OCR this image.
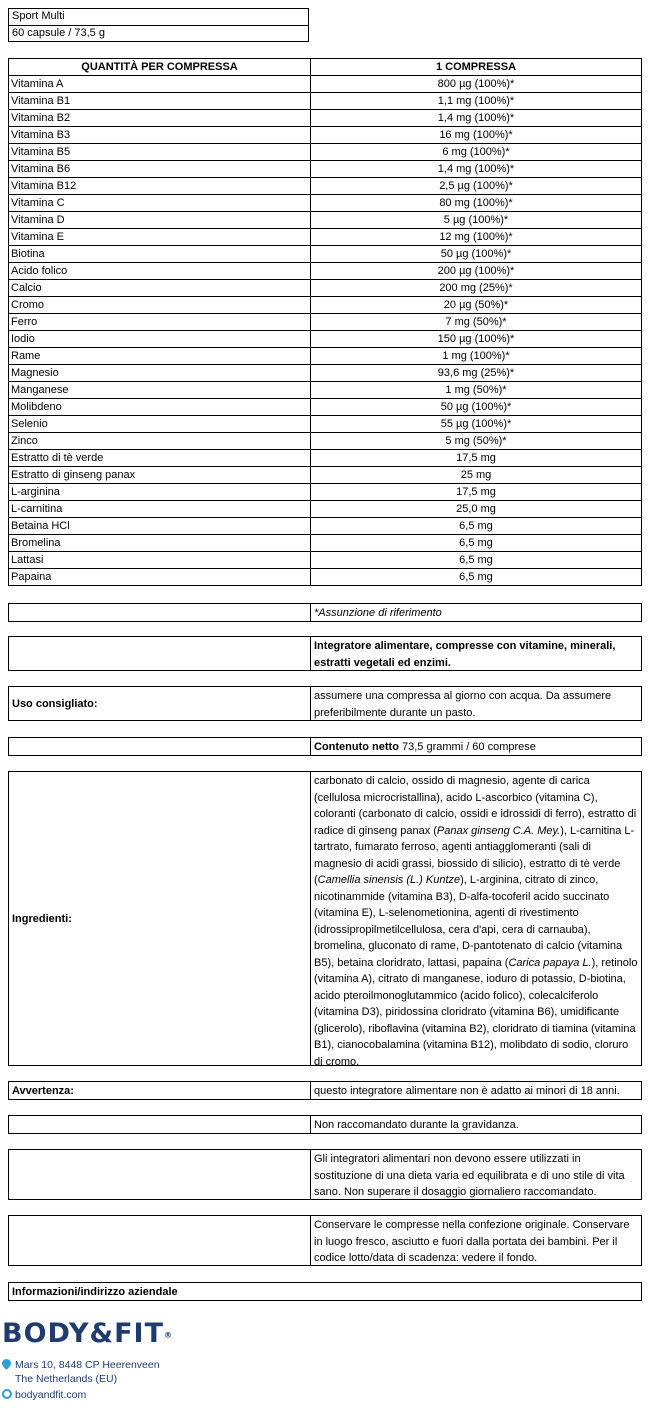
Sport Multi
60 capsule / 73,5 g
QUANTITÀ PER COMPRESSA	1 COMPRESSA
Vitamina A	800 µg (100%)*
Vitamina B1	1,1 mg (100%)*
Vitamina B2	1,4 mg (100%)*
Vitamina B3	16 mg (100%)*
Vitamina B5	6 mg (100%)*
Vitamina B6	1,4 mg (100%)*
Vitamina B12	2,5 µg (100%)*
Vitamina C	80 mg (100%)*
Vitamina D	5 µg (100%)*
Vitamina E	12 mg (100%)*
Biotina	50 µg (100%)*
Acido folico	200 µg (100%)*
Calcio	200 mg (25%)*
Cromo	20 µg (50%)*
Ferro	7 mg (50%)*
Iodio	150 µg (100%)*
Rame	1 mg (100%)*
Magnesio	93,6 mg (25%)*
Manganese	1 mg (50%)*
Molibdeno	50 µg (100%)*
Selenio	55 µg (100%)*
Zinco	5 mg (50%)*
Estratto di tè verde	17,5 mg
Estratto di ginseng panax	25 mg
L-arginina	17,5 mg
L-carnitina	25,0 mg
Betaina HCl	6,5 mg
Bromelina	6,5 mg
Lattasi	6,5 mg
Papaina	6,5 mg
*Assunzione di riferimento
Integratore alimentare, compresse con vitamine, minerali, estratti vegetali ed enzimi.
Uso consigliato:
assumere una compressa al giorno con acqua. Da assumere preferibilmente durante un pasto.
Contenuto netto 73,5 grammi / 60 comprese
Ingredienti:
carbonato di calcio, ossido di magnesio, agente di carica (cellulosa microcristallina), acido L-ascorbico (vitamina C), coloranti (carbonato di calcio, ossidi e idrossidi di ferro), estratto di radice di ginseng panax (Panax ginseng C.A. Mey.), L-carnitina L-tartrato, fumarato ferroso, agenti antiagglomeranti (sali di magnesio di acidi grassi, biossido di silicio), estratto di tè verde (Camellia sinensis (L.) Kuntze), L-arginina, citrato di zinco, nicotinammide (vitamina B3), D-alfa-tocoferil acido succinato (vitamina E), L-selenometionina, agenti di rivestimento (idrossipropilmetilcellulosa, cera d'api, cera di carnauba), bromelina, gluconato di rame, D-pantotenato di calcio (vitamina B5), betaina cloridrato, lattasi, papaina (Carica papaya L.), retinolo (vitamina A), citrato di manganese, ioduro di potassio, D-biotina, acido pteroilmonoglutammico (acido folico), colecalciferolo (vitamina D3), piridossina cloridrato (vitamina B6), umidificante (glicerolo), riboflavina (vitamina B2), cloridrato di tiamina (vitamina B1), cianocobalamina (vitamina B12), molibdato di sodio, cloruro di cromo.
Avvertenza:	questo integratore alimentare non è adatto ai minori di 18 anni.
Non raccomandato durante la gravidanza.
Gli integratori alimentari non devono essere utilizzati in sostituzione di una dieta varia ed equilibrata e di uno stile di vita sano. Non superare il dosaggio giornaliero raccomandato.
Conservare le compresse nella confezione originale. Conservare in luogo fresco, asciutto e fuori dalla portata dei bambini. Per il codice lotto/data di scadenza: vedere il fondo.
Informazioni/indirizzo aziendale
BODY&FIT®
Mars 10, 8448 CP Heerenveen
The Netherlands (EU)
bodyandfit.com
